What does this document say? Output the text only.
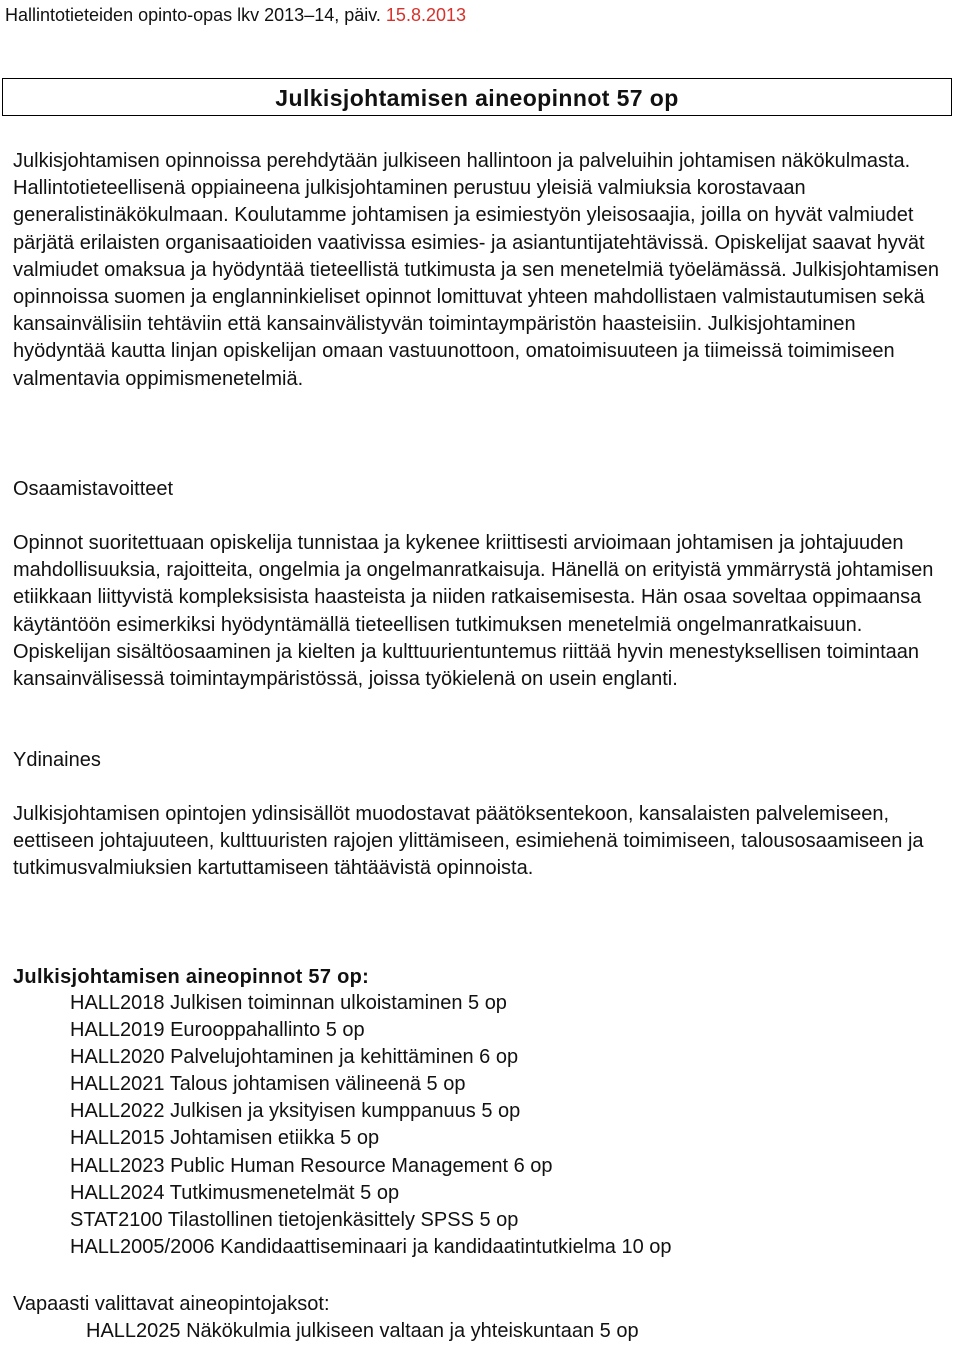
Hallintotieteiden opinto-opas lkv 2013–14, päiv. 15.8.2013
Julkisjohtamisen aineopinnot 57 op

Julkisjohtamisen opinnoissa perehdytään julkiseen hallintoon ja palveluihin johtamisen näkökulmasta. Hallintotieteellisenä oppiaineena julkisjohtaminen perustuu yleisiä valmiuksia korostavaan generalistinäkökulmaan. Koulutamme johtamisen ja esimiestyön yleisosaajia, joilla on hyvät valmiudet pärjätä erilaisten organisaatioiden vaativissa esimies- ja asiantuntijatehtävissä. Opiskelijat saavat hyvät valmiudet omaksua ja hyödyntää tieteellistä tutkimusta ja sen menetelmiä työelämässä. Julkisjohtamisen opinnoissa suomen ja englanninkieliset opinnot lomittuvat yhteen mahdollistaen valmistautumisen sekä kansainvälisiin tehtäviin että kansainvälistyvän toimintaympäristön haasteisiin. Julkisjohtaminen hyödyntää kautta linjan opiskelijan omaan vastuunottoon, omatoimisuuteen ja tiimeissä toimimiseen valmentavia oppimismenetelmiä.

Osaamistavoitteet

Opinnot suoritettuaan opiskelija tunnistaa ja kykenee kriittisesti arvioimaan johtamisen ja johtajuuden mahdollisuuksia, rajoitteita, ongelmia ja ongelmanratkaisuja. Hänellä on erityistä ymmärrystä johtamisen etiikkaan liittyvistä kompleksisista haasteista ja niiden ratkaisemisesta. Hän osaa soveltaa oppimaansa käytäntöön esimerkiksi hyödyntämällä tieteellisen tutkimuksen menetelmiä ongelmanratkaisuun. Opiskelijan sisältöosaaminen ja kielten ja kulttuurientuntemus riittää hyvin menestyksellisen toimintaan kansainvälisessä toimintaympäristössä, joissa työkielenä on usein englanti.

Ydinaines

Julkisjohtamisen opintojen ydinsisällöt muodostavat päätöksentekoon, kansalaisten palvelemiseen, eettiseen johtajuuteen, kulttuuristen rajojen ylittämiseen, esimiehenä toimimiseen, talousosaamiseen ja tutkimusvalmiuksien kartuttamiseen tähtäävistä opinnoista.

Julkisjohtamisen aineopinnot 57 op:
HALL2018 Julkisen toiminnan ulkoistaminen 5 op
HALL2019 Eurooppahallinto 5 op
HALL2020 Palvelujohtaminen ja kehittäminen 6 op
HALL2021 Talous johtamisen välineenä 5 op
HALL2022 Julkisen ja yksityisen kumppanuus 5 op
HALL2015 Johtamisen etiikka 5 op
HALL2023 Public Human Resource Management 6 op
HALL2024 Tutkimusmenetelmät 5 op
STAT2100 Tilastollinen tietojenkäsittely SPSS 5 op
HALL2005/2006 Kandidaattiseminaari ja kandidaatintutkielma 10 op
Vapaasti valittavat aineopintojaksot:
HALL2025 Näkökulmia julkiseen valtaan ja yhteiskuntaan 5 op
